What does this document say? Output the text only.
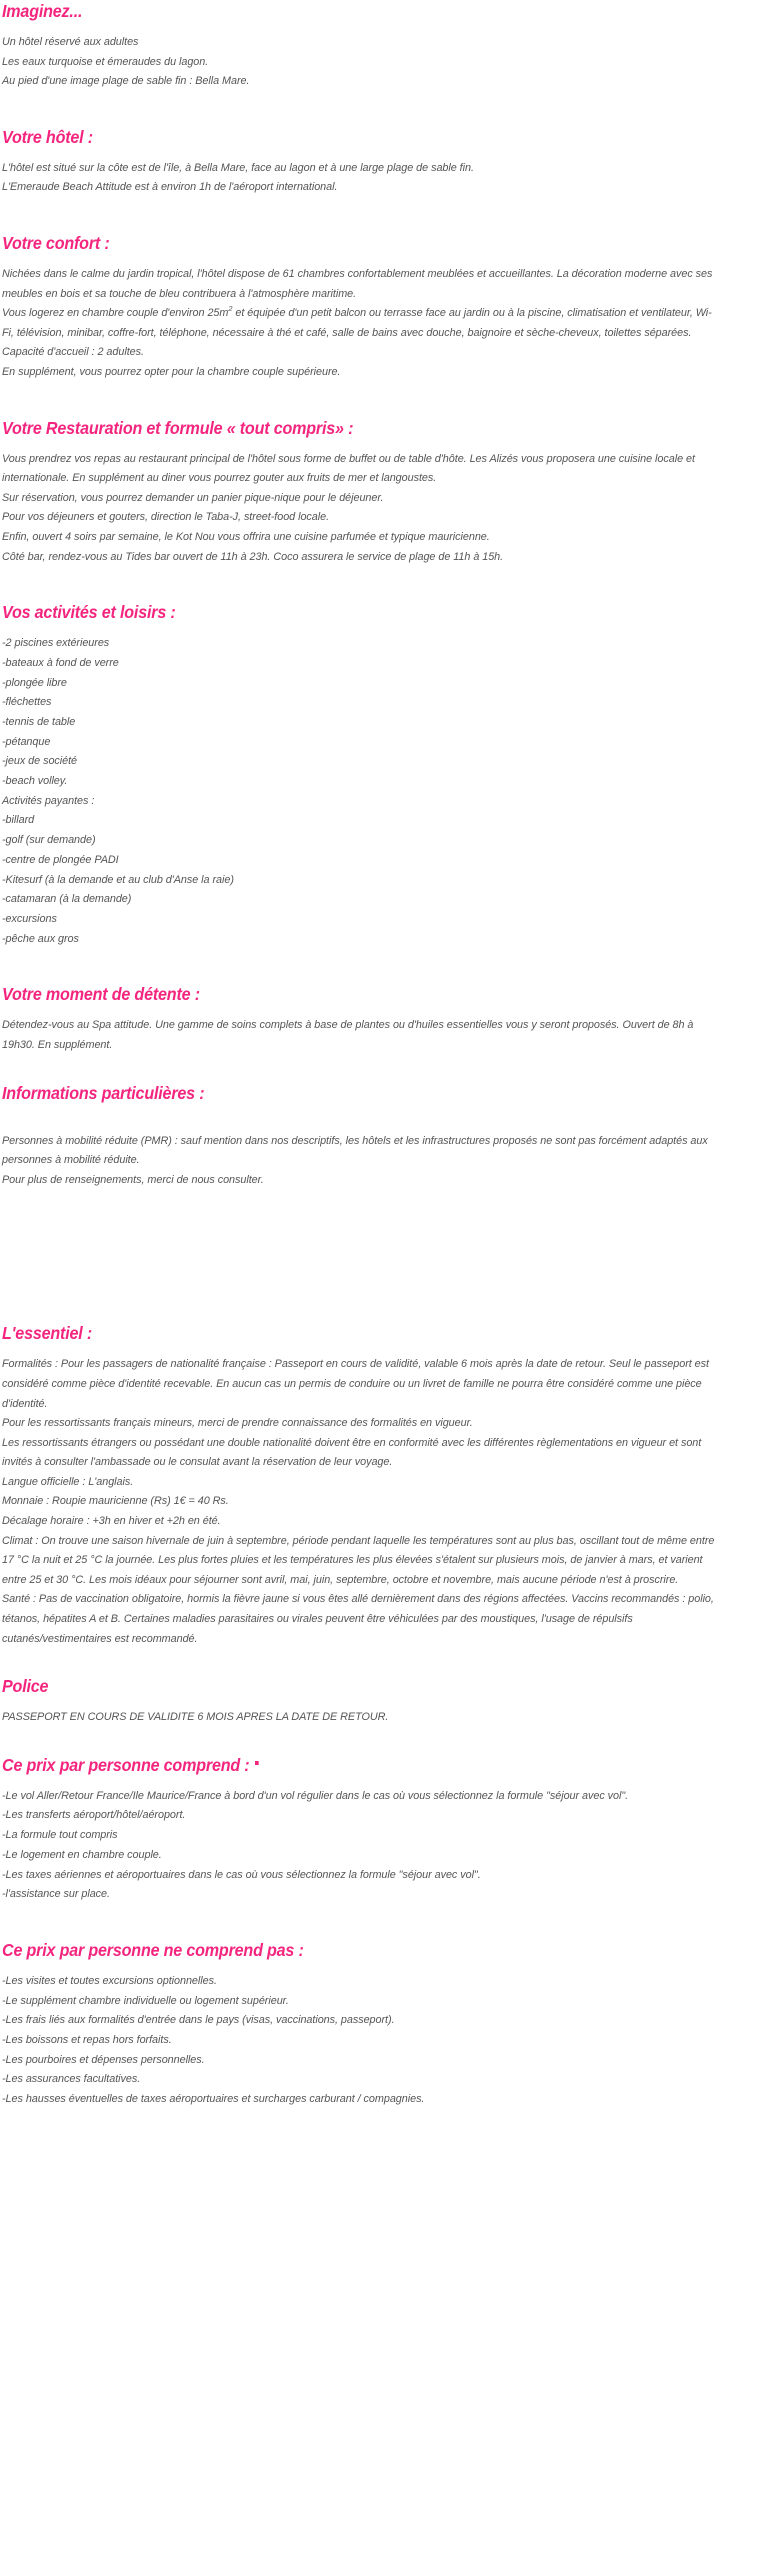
Imaginez...

Un hôtel réservé aux adultes

Les eaux turquoise et émeraudes du lagon.

Au pied d'une image plage de sable fin : Bella Mare.

Votre hôtel :

L'hôtel est situé sur la côte est de l'île, à Bella Mare, face au lagon et à une large plage de sable fin.

L'Emeraude Beach Attitude est à environ 1h de l'aéroport international.

Votre confort :

Nichées dans le calme du jardin tropical, l'hôtel dispose de 61 chambres confortablement meublées et accueillantes. La décoration moderne avec ses meubles en bois et sa touche de bleu contribuera à l'atmosphère maritime.

Vous logerez en chambre couple d'environ $25m^2$ et équipée d'un petit balcon ou terrasse face au jardin ou à la piscine, climatisation et ventilateur, Wi-Fi, télévision, minibar, coffre-fort, téléphone, nécessaire à thé et café, salle de bains avec douche, baignoire et sèche-cheveux, toilettes séparées.

Capacité d'accueil : 2 adultes.

En supplément, vous pourrez opter pour la chambre couple supérieure.

Votre Restauration et formule « tout compris» :

Vous prendrez vos repas au restaurant principal de l'hôtel sous forme de buffet ou de table d'hôte. Les Alizés vous proposera une cuisine locale et internationale. En supplément au diner vous pourrez gouter aux fruits de mer et langoustes.

Sur réservation, vous pourrez demander un panier pique-nique pour le déjeuner.

Pour vos déjeuners et gouters, direction le Taba-J, street-food locale.

Enfin, ouvert 4 soirs par semaine, le Kot Nou vous offrira une cuisine parfumée et typique mauricienne.

Côté bar, rendez-vous au Tides bar ouvert de 11h à 23h. Coco assurera le service de plage de 11h à 15h.

Vos activités et loisirs :

-2 piscines extérieures

-bateaux à fond de verre

-plongée libre

-fléchettes

-tennis de table

-pétanque

-jeux de société

-beach volley.

Activités payantes :

-billard

-golf (sur demande)

-centre de plongée PADI

-Kitesurf (à la demande et au club d'Anse la raie)

-catamaran (à la demande)

-excursions

-pêche aux gros

Votre moment de détente :

Détendez-vous au Spa attitude. Une gamme de soins complets à base de plantes ou d'huiles essentielles vous y seront proposés. Ouvert de 8h à 19h30. En supplément.

Informations particulières :

Personnes à mobilité réduite (PMR) : sauf mention dans nos descriptifs, les hôtels et les infrastructures proposés ne sont pas forcément adaptés aux personnes à mobilité réduite.

Pour plus de renseignements, merci de nous consulter.

L'essentiel :

Formalités : Pour les passagers de nationalité française : Passeport en cours de validité, valable 6 mois après la date de retour. Seul le passeport est considéré comme pièce d'identité recevable. En aucun cas un permis de conduire ou un livret de famille ne pourra être considéré comme une pièce d'identité.

Pour les ressortissants français mineurs, merci de prendre connaissance des formalités en vigueur.

Les ressortissants étrangers ou possédant une double nationalité doivent être en conformité avec les différentes règlementations en vigueur et sont invités à consulter l'ambassade ou le consulat avant la réservation de leur voyage.

Langue officielle : L'anglais.

Monnaie : Roupie mauricienne (Rs) 1€ = 40 Rs.

Décalage horaire : +3h en hiver et +2h en été.

Climat : On trouve une saison hivernale de juin à septembre, période pendant laquelle les températures sont au plus bas, oscillant tout de même entre 17 °C la nuit et 25 °C la journée. Les plus fortes pluies et les températures les plus élevées s'étalent sur plusieurs mois, de janvier à mars, et varient entre 25 et 30 °C. Les mois idéaux pour séjourner sont avril, mai, juin, septembre, octobre et novembre, mais aucune période n'est à proscrire.

Santé : Pas de vaccination obligatoire, hormis la fièvre jaune si vous êtes allé dernièrement dans des régions affectées. Vaccins recommandés : polio, tétanos, hépatites A et B. Certaines maladies parasitaires ou virales peuvent être véhiculées par des moustiques, l'usage de répulsifs cutanés/vestimentaires est recommandé.

Police

PASSEPORT EN COURS DE VALIDITE 6 MOIS APRES LA DATE DE RETOUR.

Ce prix par personne comprend :

-Le vol Aller/Retour France/Ile Maurice/France à bord d'un vol régulier dans le cas où vous sélectionnez la formule "séjour avec vol".

-Les transferts aéroport/hôtel/aéroport.

-La formule tout compris

-Le logement en chambre couple.

-Les taxes aériennes et aéroportuaires dans le cas où vous sélectionnez la formule "séjour avec vol".

-l'assistance sur place.

Ce prix par personne ne comprend pas :

-Les visites et toutes excursions optionnelles.

-Le supplément chambre individuelle ou logement supérieur.

-Les frais liés aux formalités d'entrée dans le pays (visas, vaccinations, passeport).

-Les boissons et repas hors forfaits.

-Les pourboires et dépenses personnelles.

-Les assurances facultatives.

-Les hausses éventuelles de taxes aéroportuaires et surcharges carburant / compagnies.
